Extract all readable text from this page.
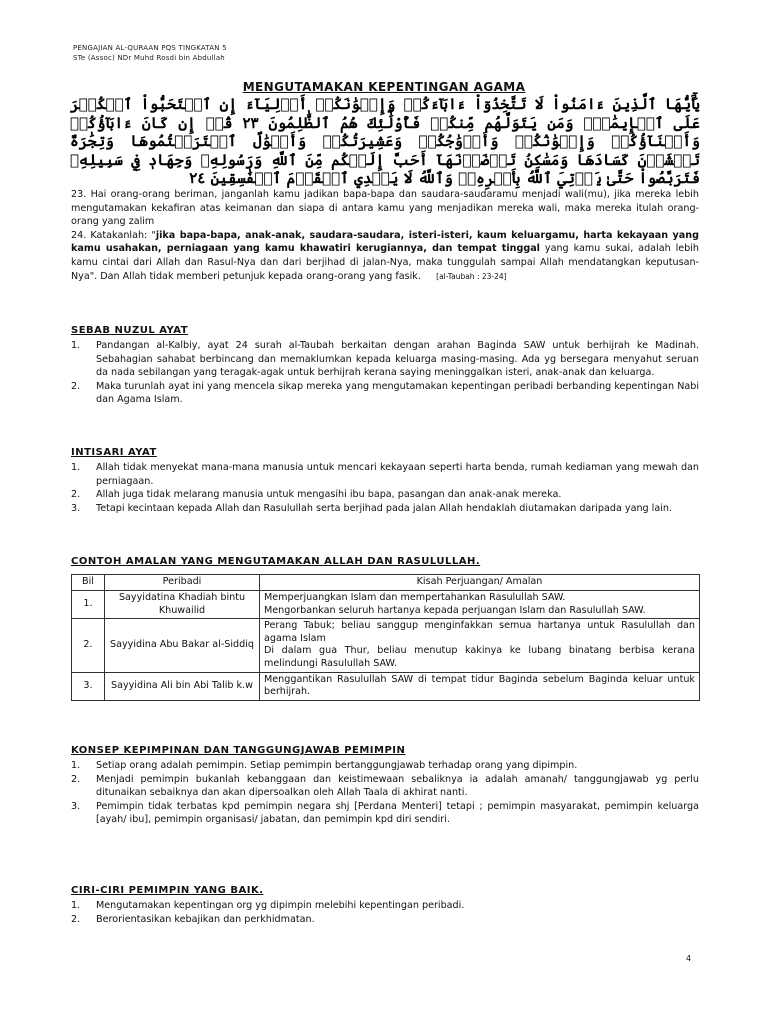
PENGAJIAN AL-QURAAN PQS TINGKATAN 5
STe (Assoc) NDr Muhd Rosdi bin Abdullah
MENGUTAMAKAN KEPENTINGAN AGAMA
يَٰٓأَيُّهَا ٱلَّذِينَ ءَامَنُواْ لَا تَتَّخِذُوٓاْ ءَابَآءَكُمۡ وَإِخۡوَٰنَكُمۡ أَوۡلِيَآءَ إِنِ ٱسۡتَحَبُّواْ ٱلۡكُفۡرَ عَلَى ٱلۡإِيمَٰنِۚ وَمَن يَتَوَلَّهُم مِّنكُمۡ فَأُوْلَٰٓئِكَ هُمُ ٱلظَّٰلِمُونَ ٢٣ قُلۡ إِن كَانَ ءَابَآؤُكُمۡ وَأَبۡنَآؤُكُمۡ وَإِخۡوَٰنُكُمۡ وَأَزۡوَٰجُكُمۡ وَعَشِيرَتُكُمۡ وَأَمۡوَٰلٌ ٱقۡتَرَفۡتُمُوهَا وَتِجَٰرَةٌ تَخۡشَوۡنَ كَسَادَهَا وَمَسَٰكِنُ تَرۡضَوۡنَهَآ أَحَبَّ إِلَيۡكُم مِّنَ ٱللَّهِ وَرَسُولِهِۦ وَجِهَادٖ فِي سَبِيلِهِۦ فَتَرَبَّصُواْ حَتَّىٰ يَأۡتِيَ ٱللَّهُ بِأَمۡرِهِۦۗ وَٱللَّهُ لَا يَهۡدِي ٱلۡقَوۡمَ ٱلۡفَٰسِقِينَ ٢٤
23. Hai orang-orang beriman, janganlah kamu jadikan bapa-bapa dan saudara-saudaramu menjadi wali(mu), jika mereka lebih mengutamakan kekafiran atas keimanan dan siapa di antara kamu yang menjadikan mereka wali, maka mereka itulah orang-orang yang zalim
24. Katakanlah: "jika bapa-bapa, anak-anak, saudara-saudara, isteri-isteri, kaum keluargamu, harta kekayaan yang kamu usahakan, perniagaan yang kamu khawatiri kerugiannya, dan tempat tinggal yang kamu sukai, adalah lebih kamu cintai dari Allah dan Rasul-Nya dan dari berjihad di jalan-Nya, maka tunggulah sampai Allah mendatangkan keputusan-Nya". Dan Allah tidak memberi petunjuk kepada orang-orang yang fasik. [al-Taubah : 23-24]
SEBAB NUZUL AYAT
1. Pandangan al-Kalbiy, ayat 24 surah al-Taubah berkaitan dengan arahan Baginda SAW untuk berhijrah ke Madinah. Sebahagian sahabat berbincang dan memaklumkan kepada keluarga masing-masing. Ada yg bersegara menyahut seruan da nada sebilangan yang teragak-agak untuk berhijrah kerana saying meninggalkan isteri, anak-anak dan keluarga.
2. Maka turunlah ayat ini yang mencela sikap mereka yang mengutamakan kepentingan peribadi berbanding kepentingan Nabi dan Agama Islam.
INTISARI AYAT
1. Allah tidak menyekat mana-mana manusia untuk mencari kekayaan seperti harta benda, rumah kediaman yang mewah dan perniagaan.
2. Allah juga tidak melarang manusia untuk mengasihi ibu bapa, pasangan dan anak-anak mereka.
3. Tetapi kecintaan kepada Allah dan Rasulullah serta berjihad pada jalan Allah hendaklah diutamakan daripada yang lain.
CONTOH AMALAN YANG MENGUTAMAKAN ALLAH DAN RASULULLAH.
Bil	Peribadi	Kisah Perjuangan/ Amalan
1.	Sayyidatina Khadiah bintu Khuwailid	Memperjuangkan Islam dan mempertahankan Rasulullah SAW.
Mengorbankan seluruh hartanya kepada perjuangan Islam dan Rasulullah SAW.

2.	Sayyidina Abu Bakar al-Siddiq	Perang Tabuk; beliau sanggup menginfakkan semua hartanya untuk Rasulullah dan agama Islam
Di dalam gua Thur, beliau menutup kakinya ke lubang binatang berbisa kerana melindungi Rasulullah SAW.

3.	Sayyidina Ali bin Abi Talib k.w	Menggantikan Rasulullah SAW di tempat tidur Baginda sebelum Baginda keluar untuk berhijrah.
KONSEP KEPIMPINAN DAN TANGGUNGJAWAB PEMIMPIN
1. Setiap orang adalah pemimpin. Setiap pemimpin bertanggungjawab terhadap orang yang dipimpin.
2. Menjadi pemimpin bukanlah kebanggaan dan keistimewaan sebaliknya ia adalah amanah/ tanggungjawab yg perlu ditunaikan sebaiknya dan akan dipersoalkan oleh Allah Taala di akhirat nanti.
3. Pemimpin tidak terbatas kpd pemimpin negara shj [Perdana Menteri] tetapi ; pemimpin masyarakat, pemimpin keluarga [ayah/ ibu], pemimpin organisasi/ jabatan, dan pemimpin kpd diri sendiri.
CIRI-CIRI PEMIMPIN YANG BAIK.
1. Mengutamakan kepentingan org yg dipimpin melebihi kepentingan peribadi.
2. Berorientasikan kebajikan dan perkhidmatan.
4
